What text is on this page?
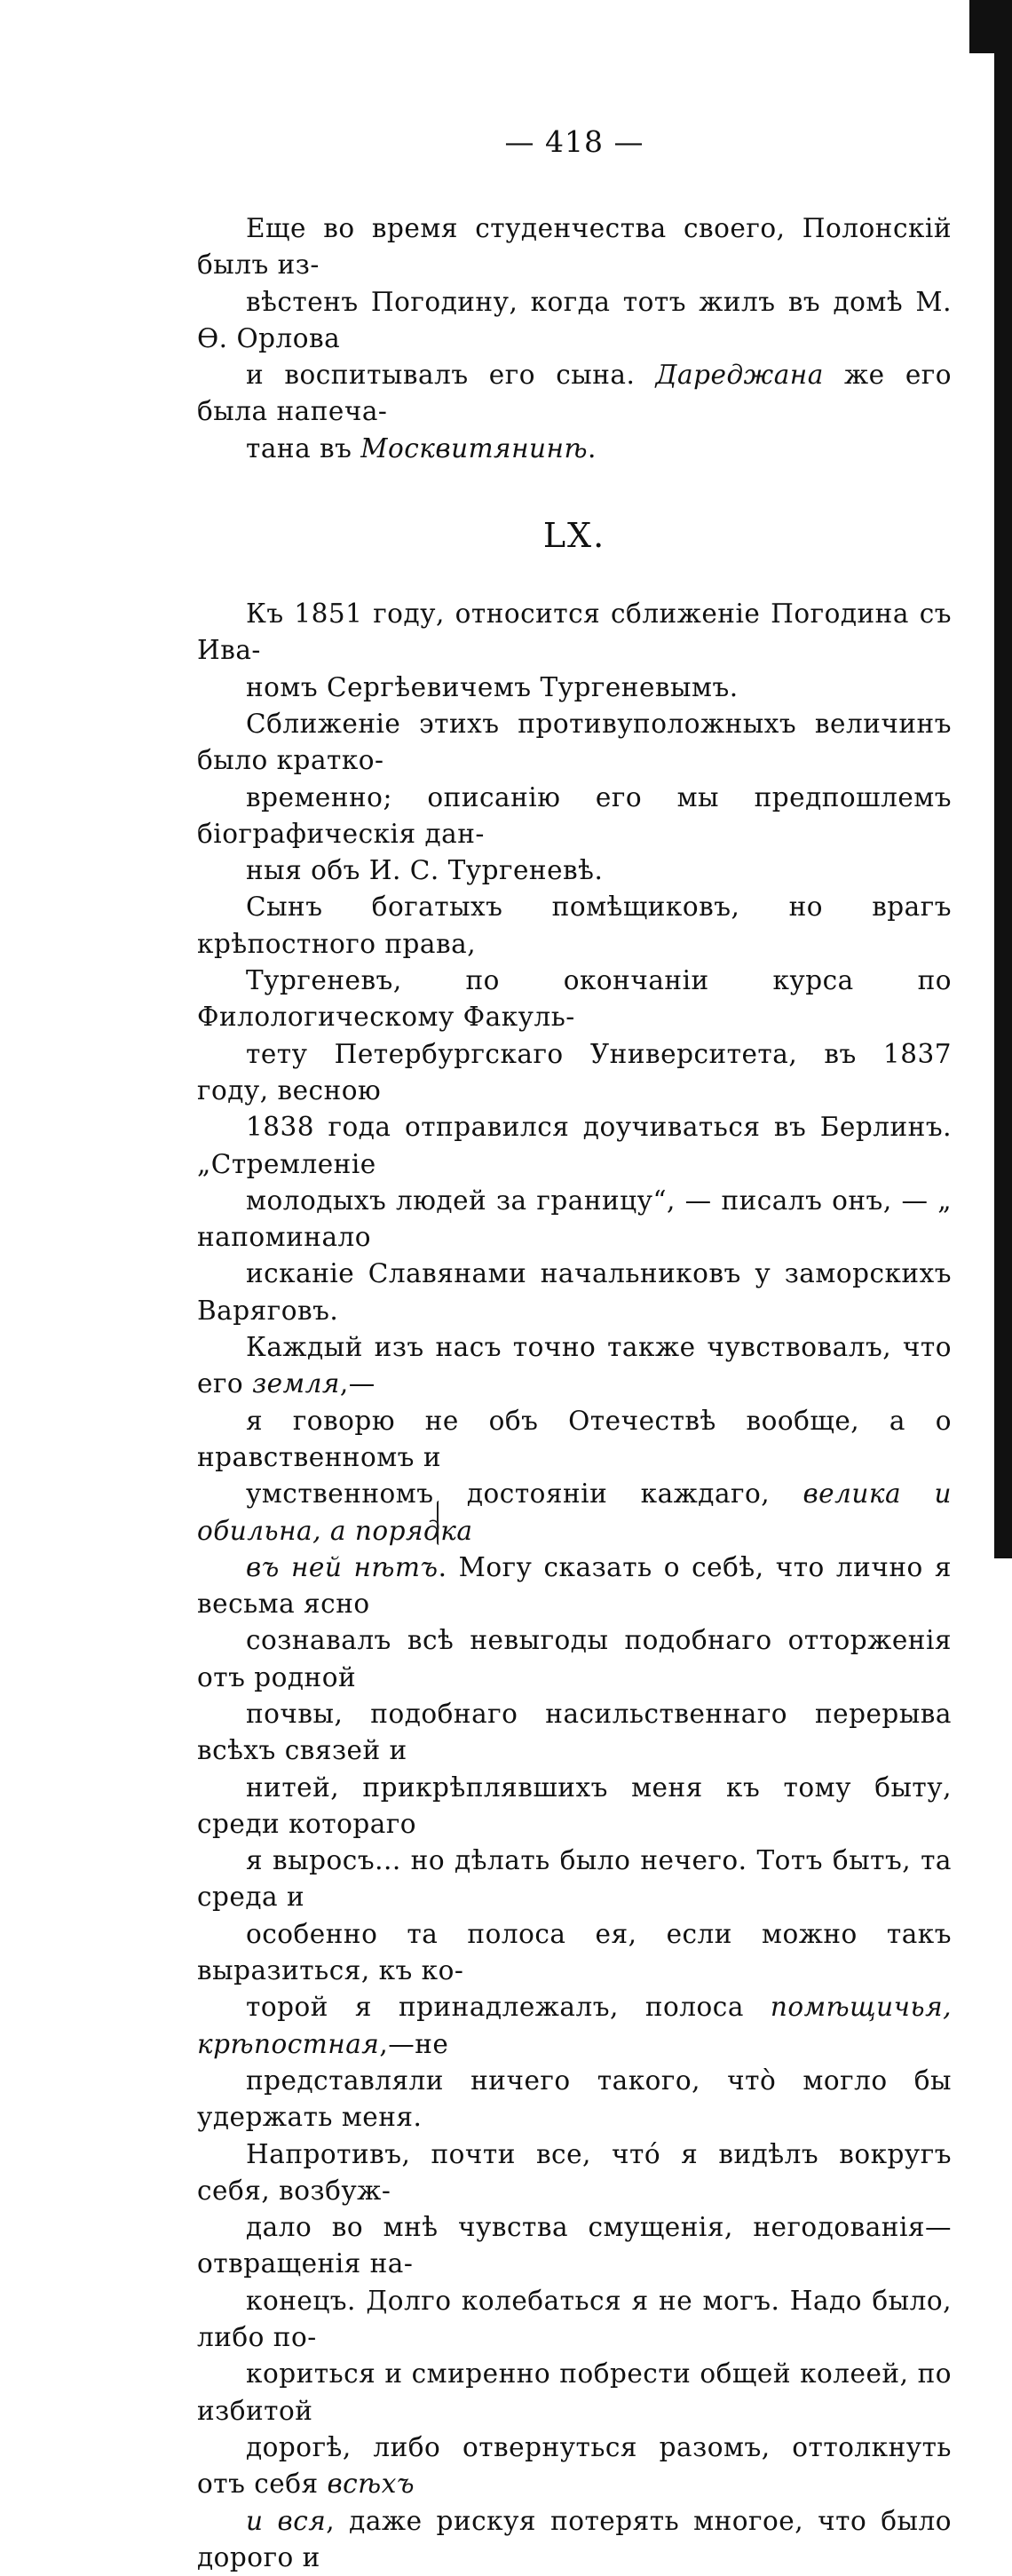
— 418 —

Еще во время студенчества своего, Полонскій былъ из-
вѣстенъ Погодину, когда тотъ жилъ въ домѣ М. Ѳ. Орлова
и воспитывалъ его сына. Дареджана же его была напеча-
тана въ Москвитянинѣ.

LX.

Къ 1851 году, относится сближеніе Погодина съ Ива-
номъ Сергѣевичемъ Тургеневымъ.

Сближеніе этихъ противуположныхъ величинъ было кратко-
временно; описанію его мы предпошлемъ біографическія дан-
ныя объ И. С. Тургеневѣ.

Сынъ богатыхъ помѣщиковъ, но врагъ крѣпостного права,
Тургеневъ, по окончаніи курса по Филологическому Факуль-
тету Петербургскаго Университета, въ 1837 году, весною
1838 года отправился доучиваться въ Берлинъ. „Стремленіе
молодыхъ людей за границу“, — писалъ онъ, — „ напоминало
исканіе Славянами начальниковъ у заморскихъ Варяговъ.
Каждый изъ насъ точно также чувствовалъ, что его земля,—
я говорю не объ Отечествѣ вообще, а о нравственномъ и
умственномъ достояніи каждаго, велика и обильна, а порядка
въ ней нѣтъ. Могу сказать о себѣ, что лично я весьма ясно
сознавалъ всѣ невыгоды подобнаго отторженія отъ родной
почвы, подобнаго насильственнаго перерыва всѣхъ связей и
нитей, прикрѣплявшихъ меня къ тому быту, среди котораго
я выросъ... но дѣлать было нечего. Тотъ бытъ, та среда и
особенно та полоса ея, если можно такъ выразиться, къ ко-
торой я принадлежалъ, полоса помѣщичья, крѣпостная,—не
представляли ничего такого, что̀ могло бы удержать меня.
Напротивъ, почти все, что́ я видѣлъ вокругъ себя, возбуж-
дало во мнѣ чувства смущенія, негодованія—отвращенія на-
конецъ. Долго колебаться я не могъ. Надо было, либо по-
кориться и смиренно побрести общей колеей, по избитой
дорогѣ, либо отвернуться разомъ, оттолкнуть отъ себя всѣхъ
и вся, даже рискуя потерять многое, что было дорого и
